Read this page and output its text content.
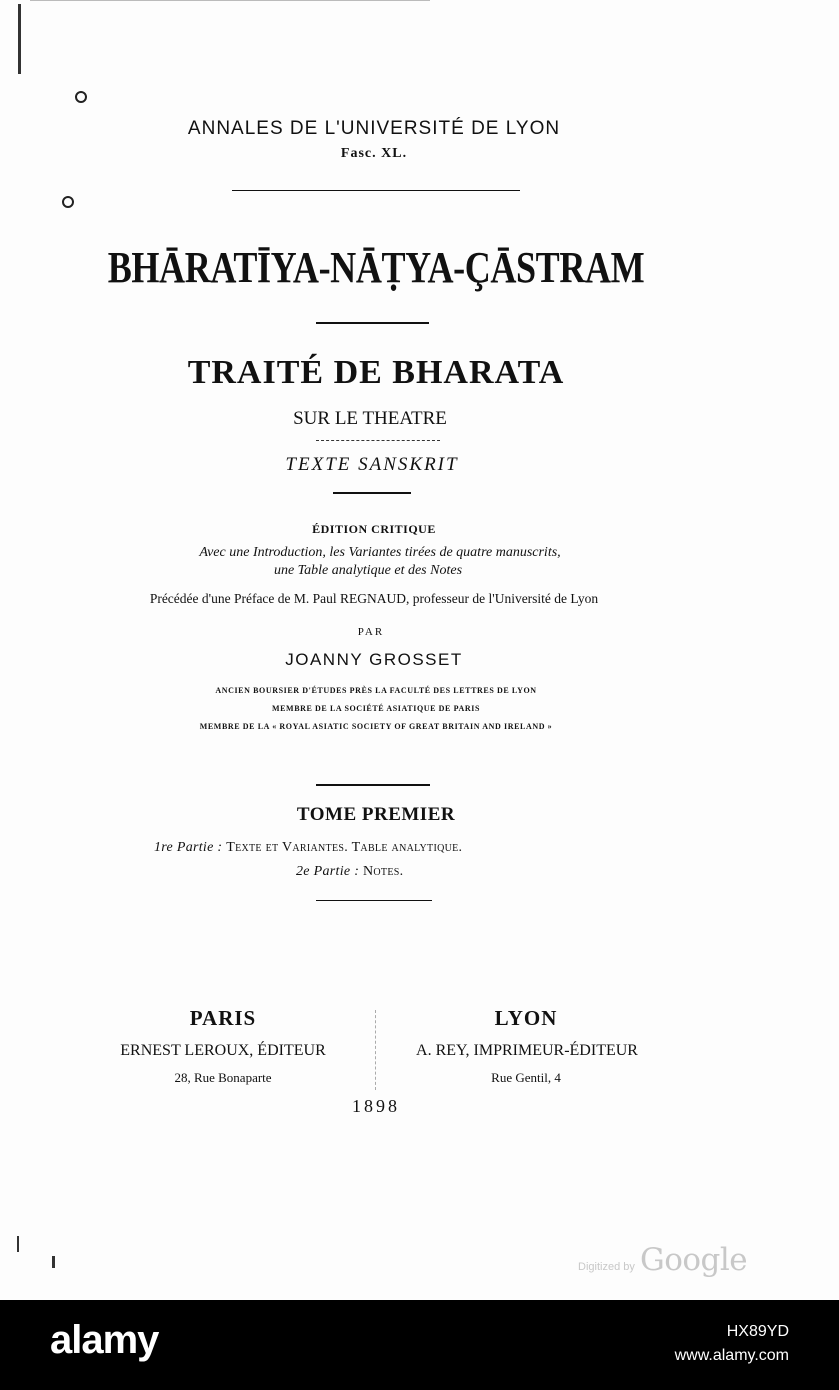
ANNALES DE L'UNIVERSITÉ DE LYON
Fasc. XL.
BHĀRATĪYA-NĀṬYA-ÇĀSTRAM
TRAITÉ DE BHARATA
SUR LE THEATRE
TEXTE SANSKRIT
ÉDITION CRITIQUE
Avec une Introduction, les Variantes tirées de quatre manuscrits,
une Table analytique et des Notes
Précédée d'une Préface de M. Paul REGNAUD, professeur de l'Université de Lyon
PAR
JOANNY GROSSET
ANCIEN BOURSIER D'ÉTUDES PRÈS LA FACULTÉ DES LETTRES DE LYON
MEMBRE DE LA SOCIÉTÉ ASIATIQUE DE PARIS
MEMBRE DE LA « ROYAL ASIATIC SOCIETY OF GREAT BRITAIN AND IRELAND »
TOME PREMIER
1re Partie : Texte et Variantes. Table analytique.
2e Partie : Notes.
PARIS
ERNEST LEROUX, ÉDITEUR
28, Rue Bonaparte
LYON
A. REY, IMPRIMEUR-ÉDITEUR
Rue Gentil, 4
1898
Digitized by Google
alamy	HX89YD
www.alamy.com
